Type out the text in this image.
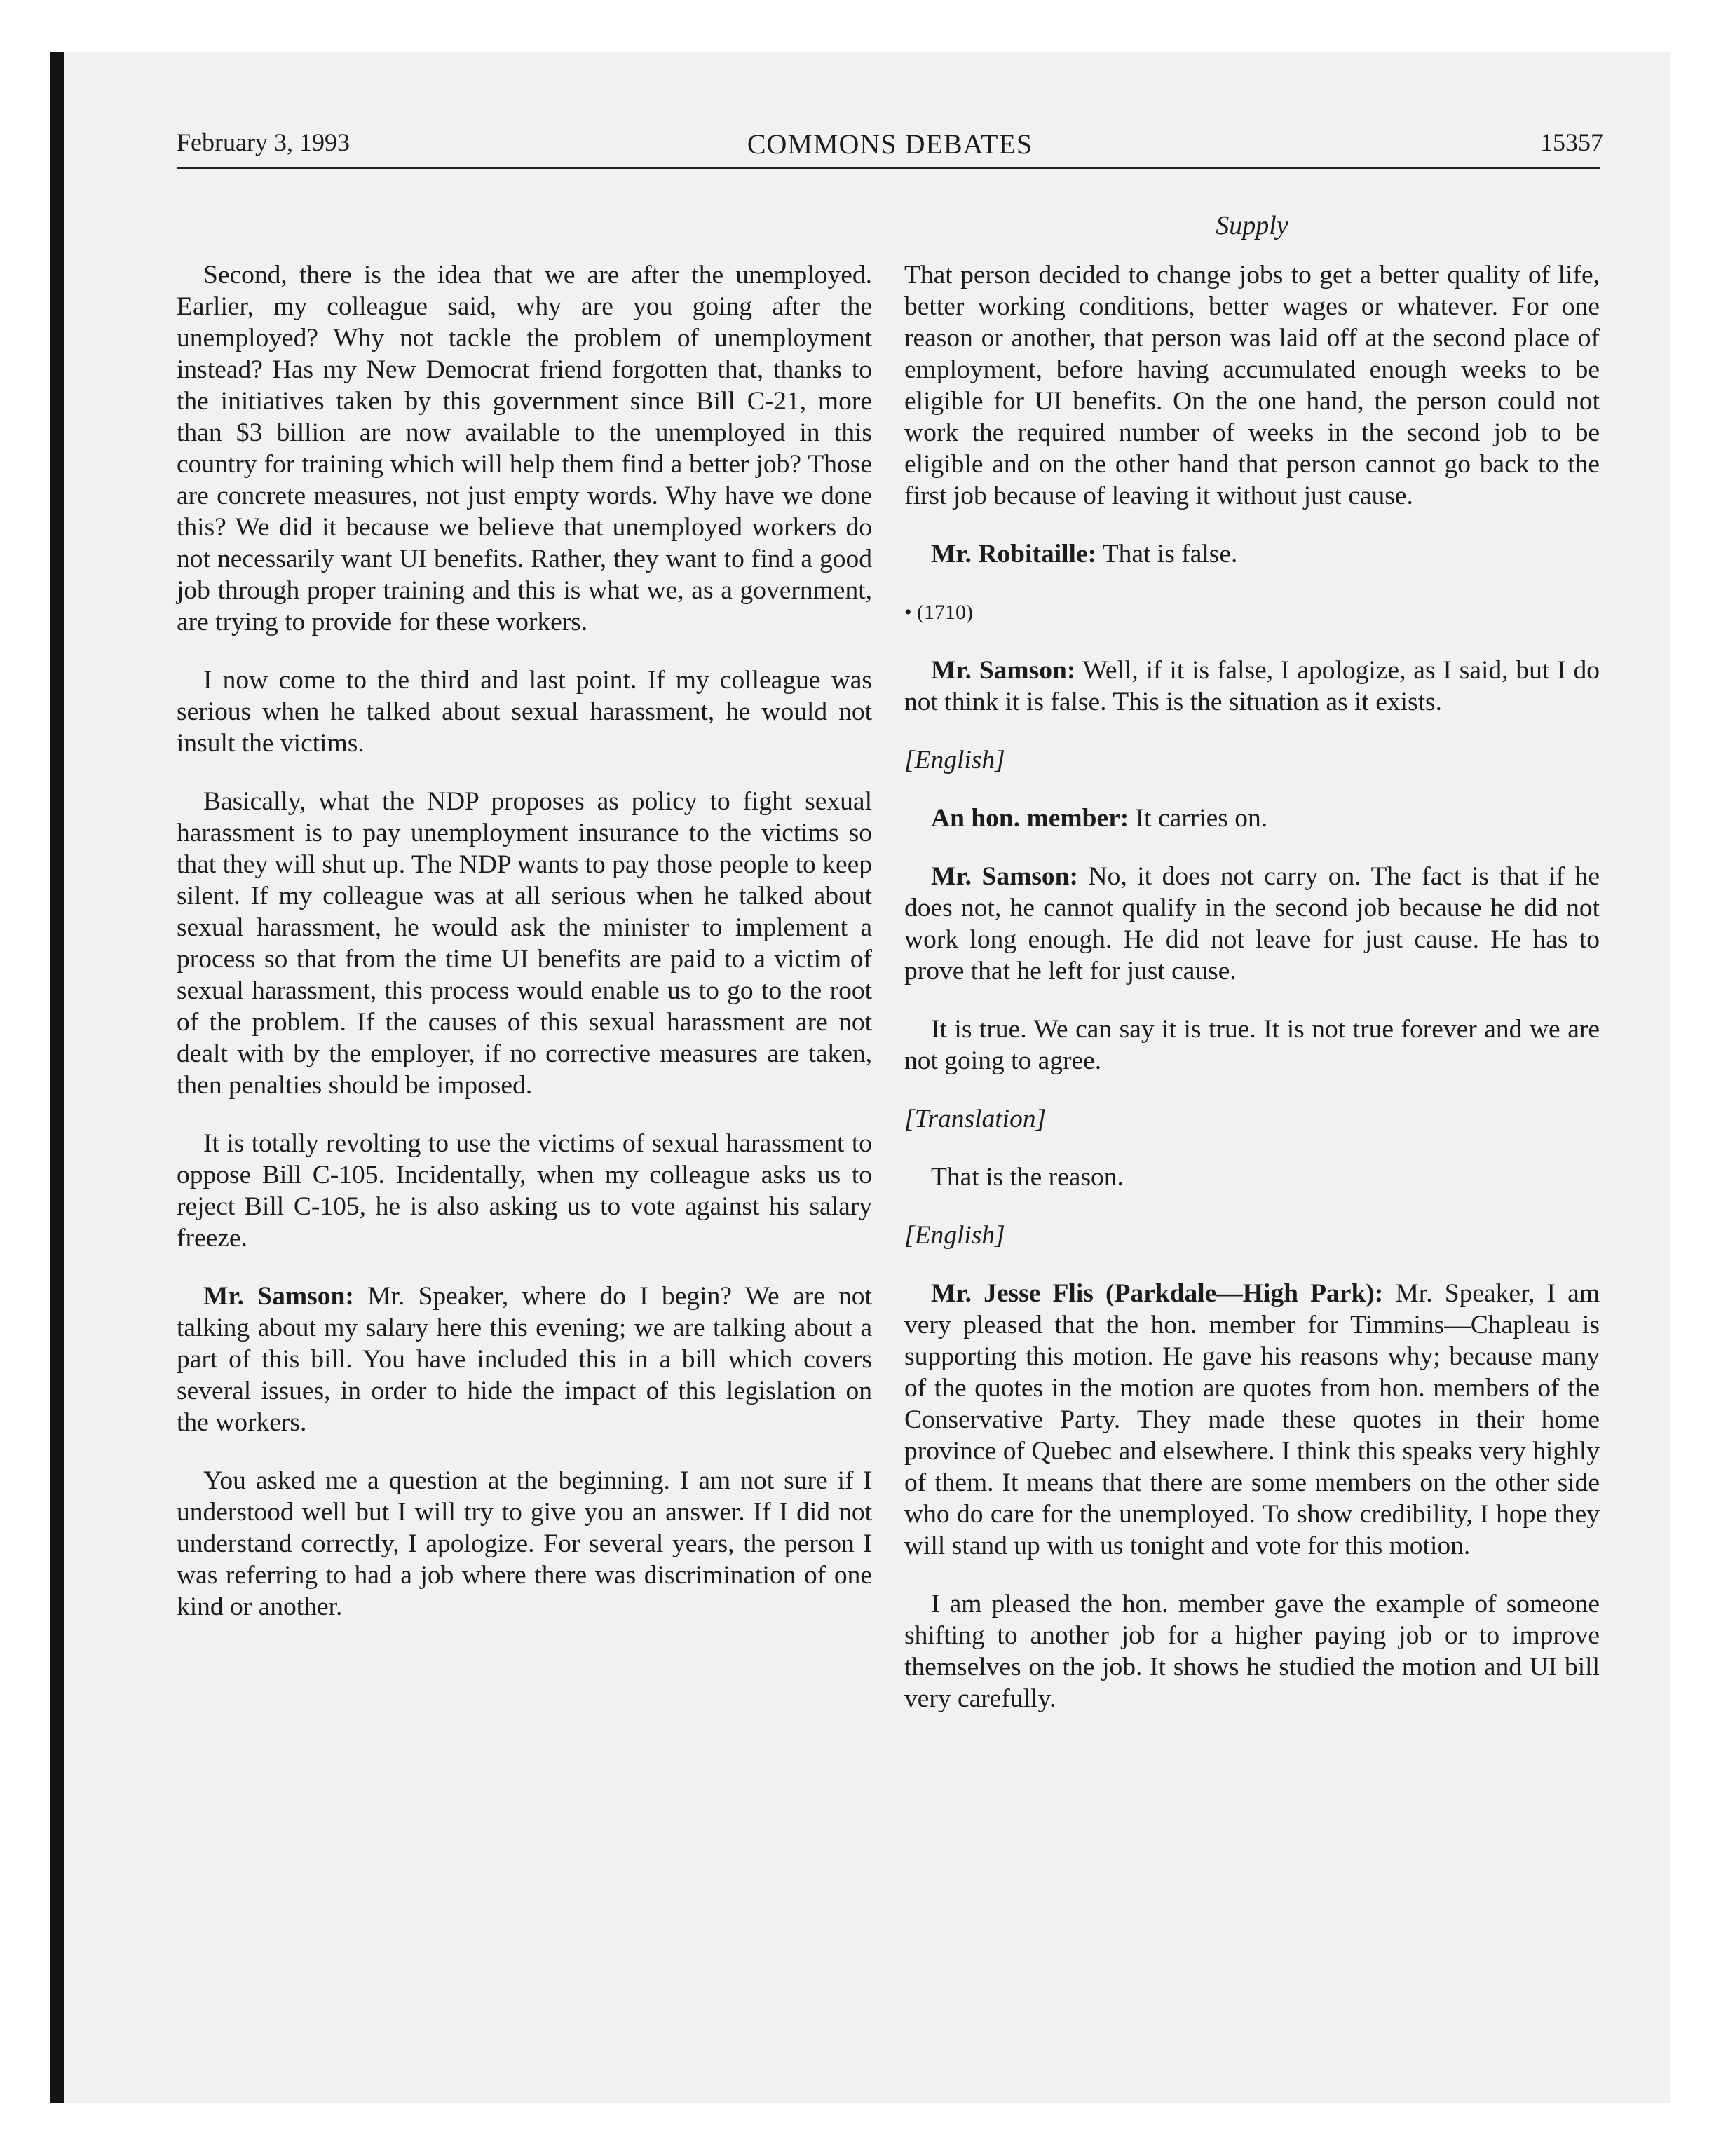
February 3, 1993	COMMONS DEBATES	15357
Supply

Second, there is the idea that we are after the unemployed. Earlier, my colleague said, why are you going after the unemployed? Why not tackle the problem of unemployment instead? Has my New Democrat friend forgotten that, thanks to the initiatives taken by this government since Bill C-21, more than $3 billion are now available to the unemployed in this country for training which will help them find a better job? Those are concrete measures, not just empty words. Why have we done this? We did it because we believe that unemployed workers do not necessarily want UI benefits. Rather, they want to find a good job through proper training and this is what we, as a government, are trying to provide for these workers.

I now come to the third and last point. If my colleague was serious when he talked about sexual harassment, he would not insult the victims.

Basically, what the NDP proposes as policy to fight sexual harassment is to pay unemployment insurance to the victims so that they will shut up. The NDP wants to pay those people to keep silent. If my colleague was at all serious when he talked about sexual harassment, he would ask the minister to implement a process so that from the time UI benefits are paid to a victim of sexual harassment, this process would enable us to go to the root of the problem. If the causes of this sexual harassment are not dealt with by the employer, if no corrective measures are taken, then penalties should be imposed.

It is totally revolting to use the victims of sexual harassment to oppose Bill C-105. Incidentally, when my colleague asks us to reject Bill C-105, he is also asking us to vote against his salary freeze.

Mr. Samson: Mr. Speaker, where do I begin? We are not talking about my salary here this evening; we are talking about a part of this bill. You have included this in a bill which covers several issues, in order to hide the impact of this legislation on the workers.

You asked me a question at the beginning. I am not sure if I understood well but I will try to give you an answer. If I did not understand correctly, I apologize. For several years, the person I was referring to had a job where there was discrimination of one kind or another.

That person decided to change jobs to get a better quality of life, better working conditions, better wages or whatever. For one reason or another, that person was laid off at the second place of employment, before having accumulated enough weeks to be eligible for UI benefits. On the one hand, the person could not work the required number of weeks in the second job to be eligible and on the other hand that person cannot go back to the first job because of leaving it without just cause.

Mr. Robitaille: That is false.

• (1710)

Mr. Samson: Well, if it is false, I apologize, as I said, but I do not think it is false. This is the situation as it exists.

[English]

An hon. member: It carries on.

Mr. Samson: No, it does not carry on. The fact is that if he does not, he cannot qualify in the second job because he did not work long enough. He did not leave for just cause. He has to prove that he left for just cause.

It is true. We can say it is true. It is not true forever and we are not going to agree.

[Translation]

That is the reason.

[English]

Mr. Jesse Flis (Parkdale—High Park): Mr. Speaker, I am very pleased that the hon. member for Timmins—Chapleau is supporting this motion. He gave his reasons why; because many of the quotes in the motion are quotes from hon. members of the Conservative Party. They made these quotes in their home province of Quebec and elsewhere. I think this speaks very highly of them. It means that there are some members on the other side who do care for the unemployed. To show credibility, I hope they will stand up with us tonight and vote for this motion.

I am pleased the hon. member gave the example of someone shifting to another job for a higher paying job or to improve themselves on the job. It shows he studied the motion and UI bill very carefully.
